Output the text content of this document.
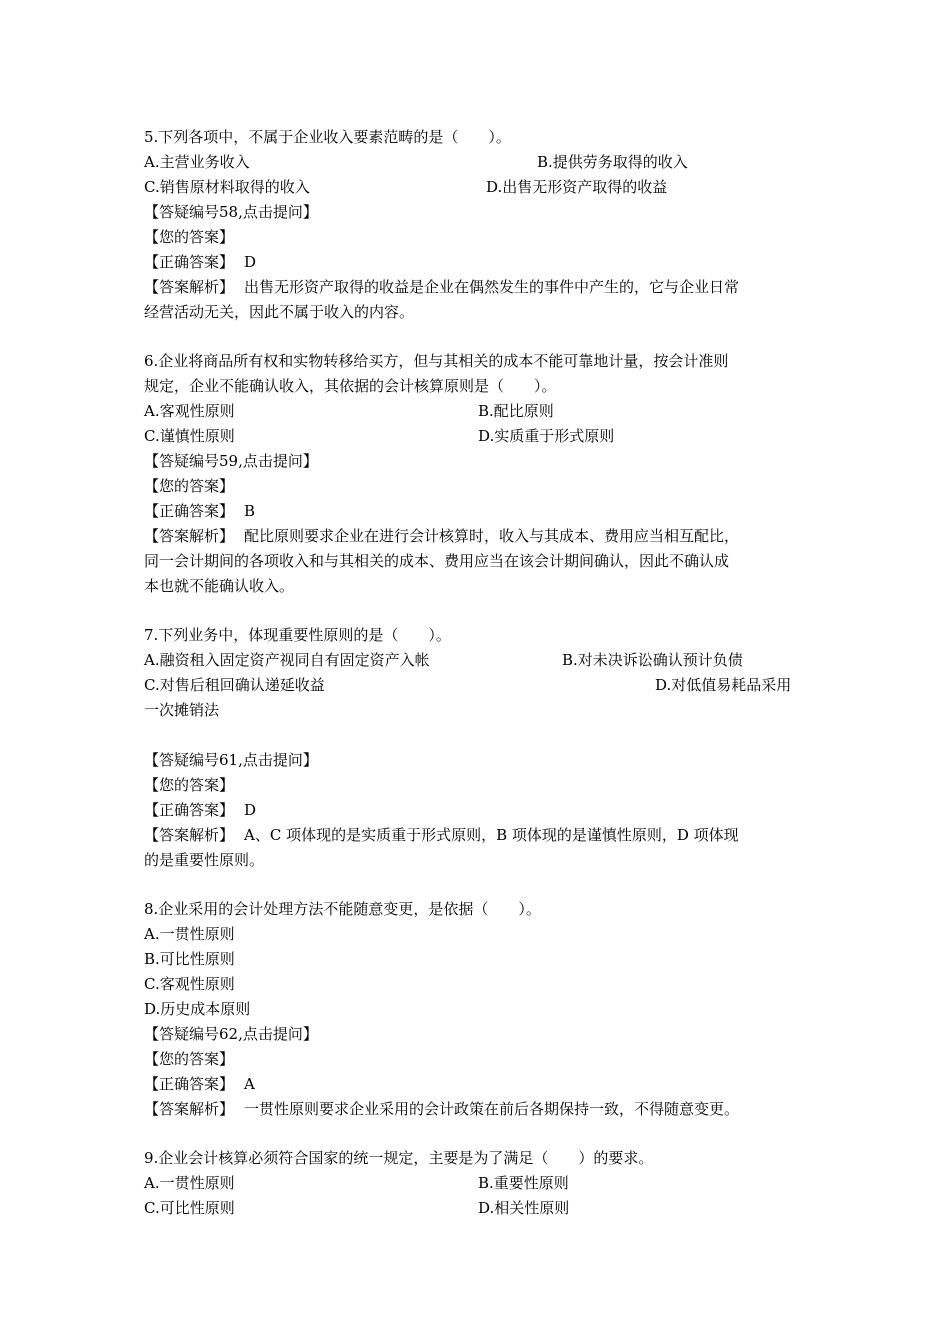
5.下列各项中，不属于企业收入要素范畴的是（　　）。
A.主营业务收入	B.提供劳务取得的收入
C.销售原材料取得的收入	D.出售无形资产取得的收益
【答疑编号58,点击提问】
【您的答案】
【正确答案】 D
【答案解析】 出售无形资产取得的收益是企业在偶然发生的事件中产生的，它与企业日常
经营活动无关，因此不属于收入的内容。
6.企业将商品所有权和实物转移给买方，但与其相关的成本不能可靠地计量，按会计准则
规定，企业不能确认收入，其依据的会计核算原则是（　　）。
A.客观性原则	B.配比原则
C.谨慎性原则	D.实质重于形式原则
【答疑编号59,点击提问】
【您的答案】
【正确答案】 B
【答案解析】 配比原则要求企业在进行会计核算时，收入与其成本、费用应当相互配比，
同一会计期间的各项收入和与其相关的成本、费用应当在该会计期间确认，因此不确认成
本也就不能确认收入。
7.下列业务中，体现重要性原则的是（　　）。
A.融资租入固定资产视同自有固定资产入帐	B.对未决诉讼确认预计负债
C.对售后租回确认递延收益	D.对低值易耗品采用
一次摊销法
【答疑编号61,点击提问】
【您的答案】
【正确答案】 D
【答案解析】 A、C 项体现的是实质重于形式原则，B 项体现的是谨慎性原则，D 项体现
的是重要性原则。
8.企业采用的会计处理方法不能随意变更，是依据（　　）。
A.一贯性原则
B.可比性原则
C.客观性原则
D.历史成本原则
【答疑编号62,点击提问】
【您的答案】
【正确答案】 A
【答案解析】 一贯性原则要求企业采用的会计政策在前后各期保持一致，不得随意变更。
9.企业会计核算必须符合国家的统一规定，主要是为了满足（　　）的要求。
A.一贯性原则	B.重要性原则
C.可比性原则	D.相关性原则
